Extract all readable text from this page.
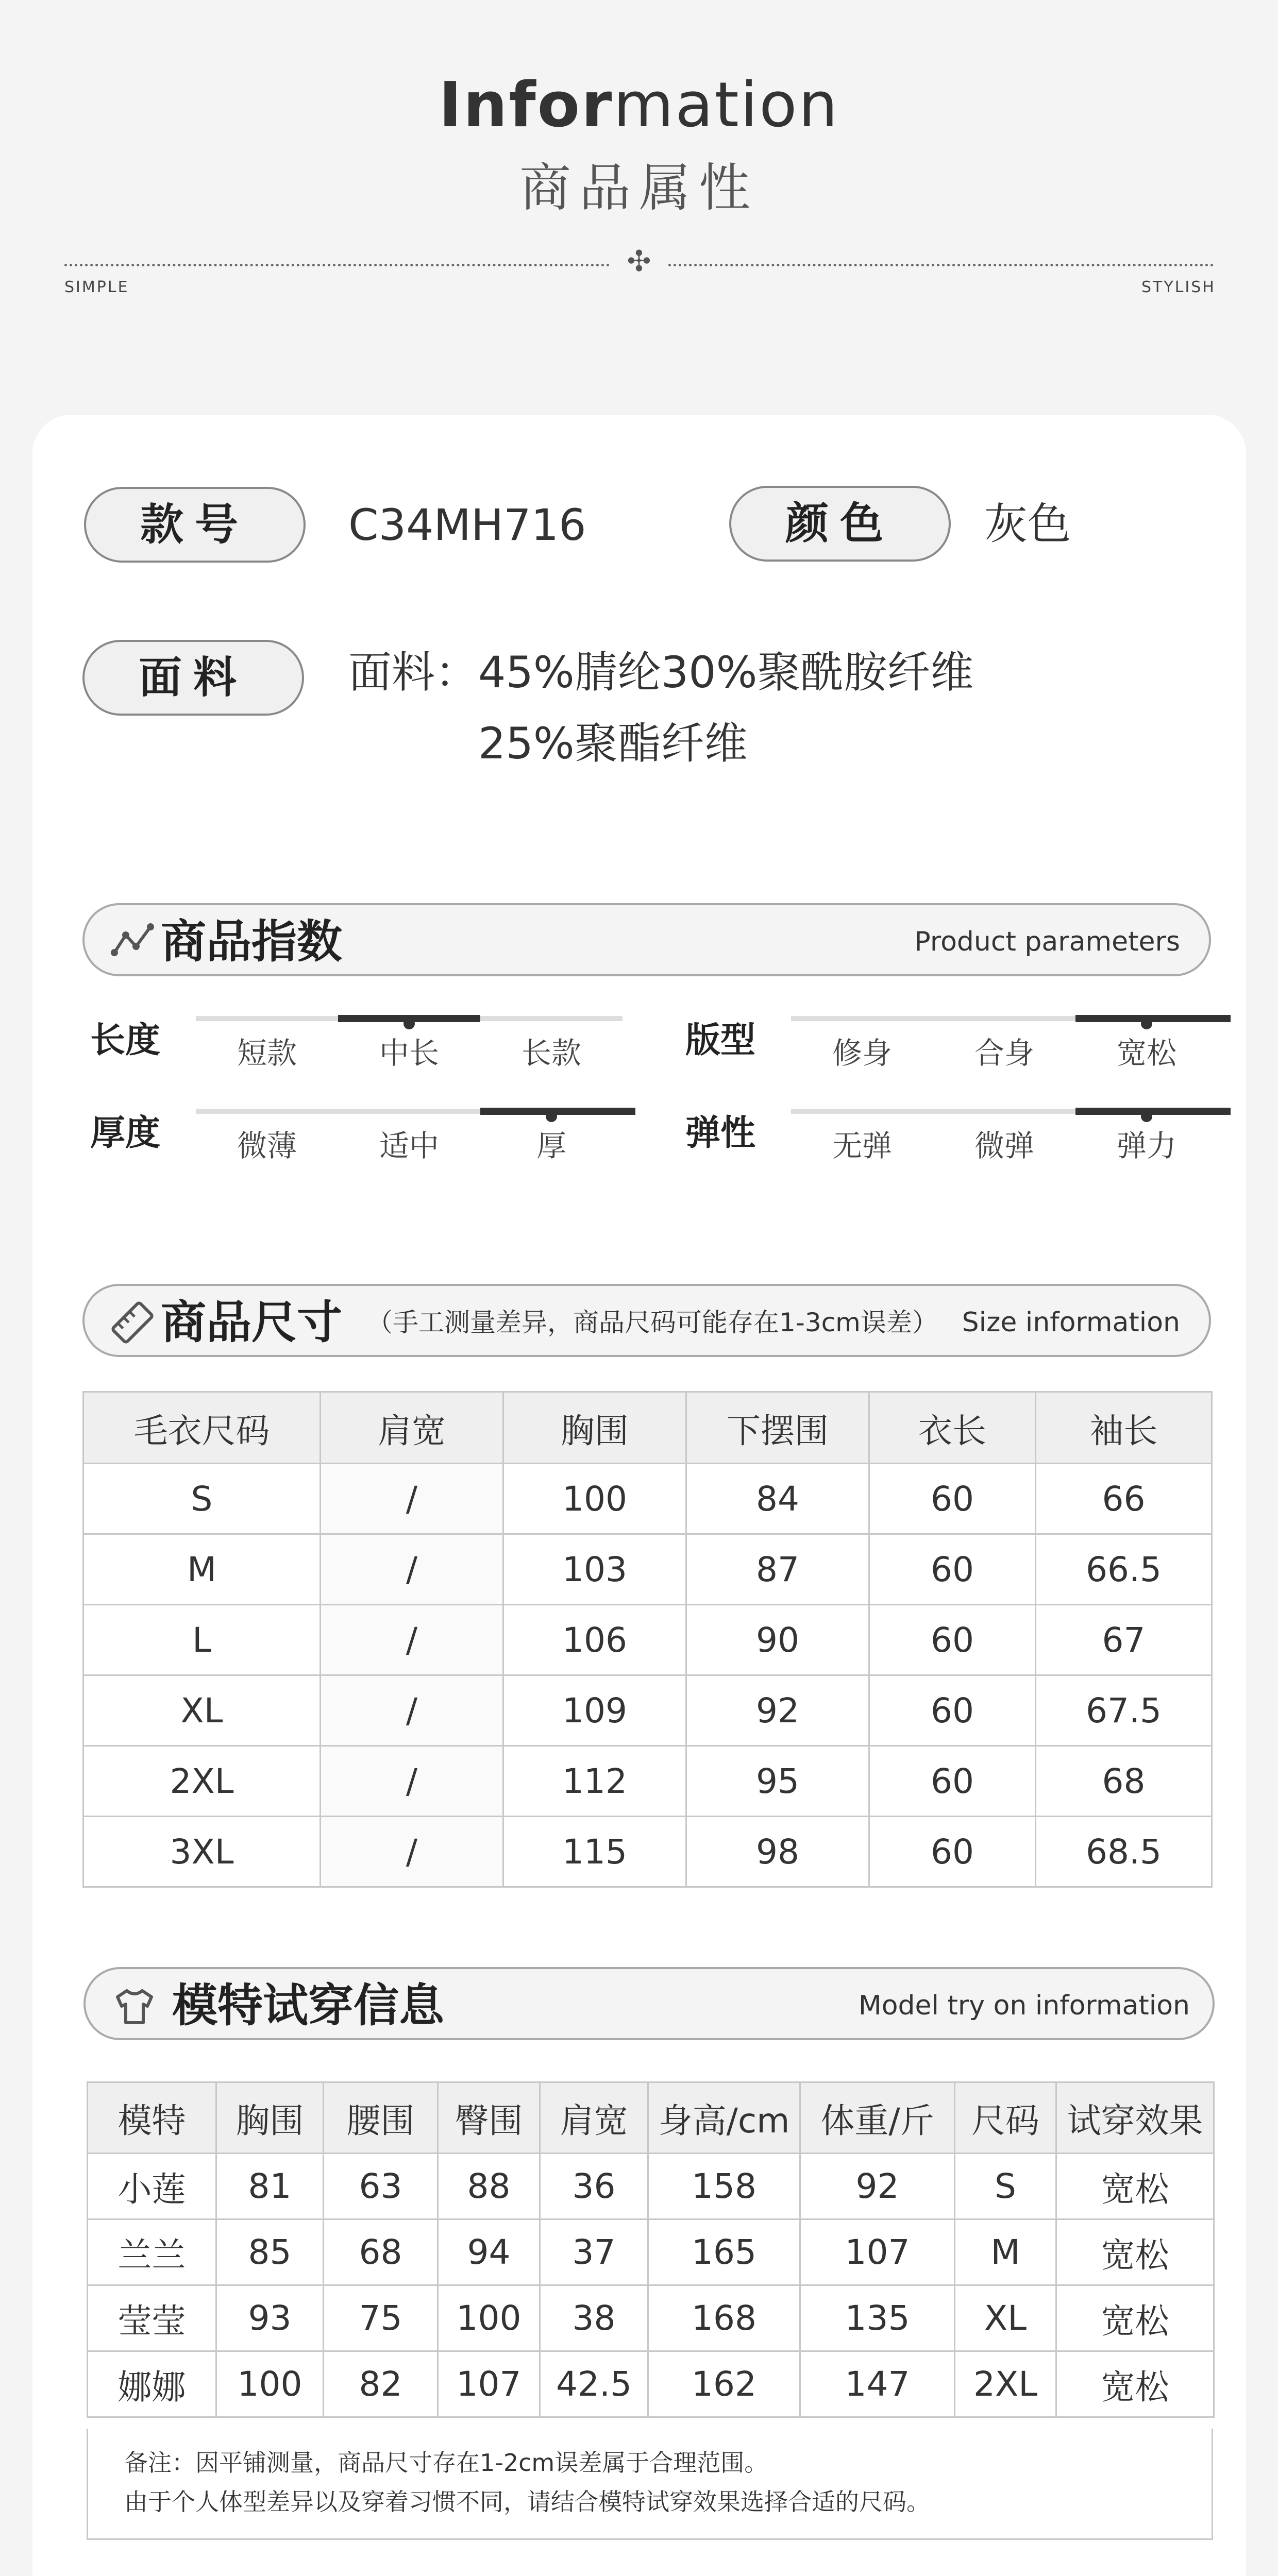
Information
商品属性
✣
SIMPLE	STYLISH
款号	C34MH716	颜色	灰色
面料	面料：45%腈纶30%聚酰胺纤维
25%聚酯纤维
商品指数	Product parameters
长度	短款	中长	长款	版型	修身	合身	宽松
厚度	微薄	适中	厚	弹性	无弹	微弹	弹力
商品尺寸 （手工测量差异，商品尺码可能存在1-3cm误差） Size information
毛衣尺码	肩宽	胸围	下摆围	衣长	袖长
S	/	100	84	60	66
M	/	103	87	60	66.5
L	/	106	90	60	67
XL	/	109	92	60	67.5
2XL	/	112	95	60	68
3XL	/	115	98	60	68.5
模特试穿信息	Model try on information
模特	胸围	腰围	臀围	肩宽	身高/cm	体重/斤	尺码	试穿效果
小莲	81	63	88	36	158	92	S	宽松
兰兰	85	68	94	37	165	107	M	宽松
莹莹	93	75	100	38	168	135	XL	宽松
娜娜	100	82	107	42.5	162	147	2XL	宽松
备注：因平铺测量，商品尺寸存在1-2cm误差属于合理范围。
由于个人体型差异以及穿着习惯不同，请结合模特试穿效果选择合适的尺码。
